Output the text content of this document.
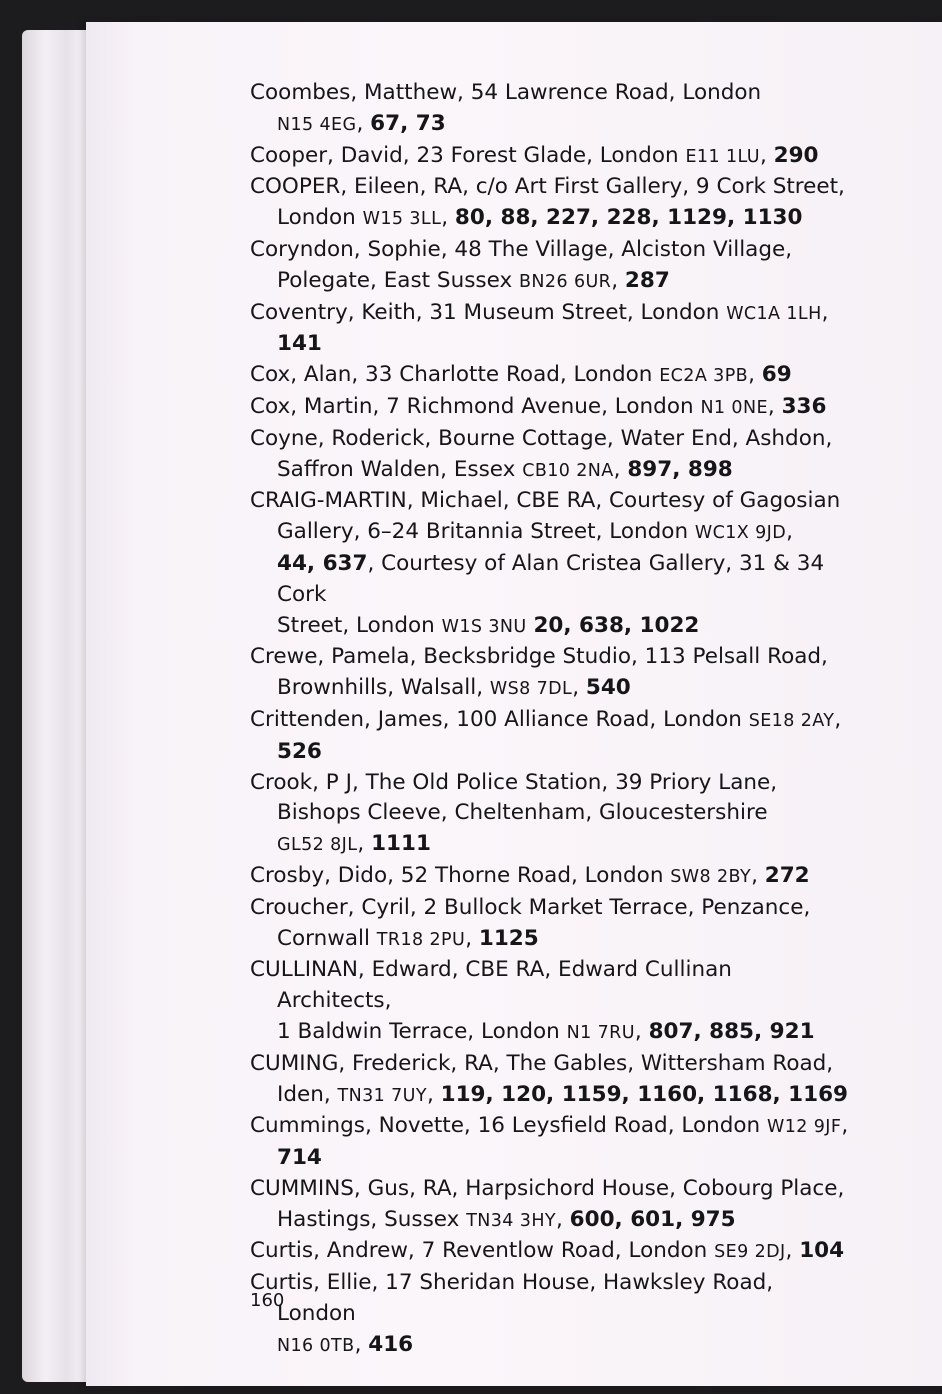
Coombes, Matthew, 54 Lawrence Road, London
N15 4EG, 67, 73
Cooper, David, 23 Forest Glade, London E11 1LU, 290
COOPER, Eileen, RA, c/o Art First Gallery, 9 Cork Street,
London W15 3LL, 80, 88, 227, 228, 1129, 1130
Coryndon, Sophie, 48 The Village, Alciston Village,
Polegate, East Sussex BN26 6UR, 287
Coventry, Keith, 31 Museum Street, London WC1A 1LH,
141
Cox, Alan, 33 Charlotte Road, London EC2A 3PB, 69
Cox, Martin, 7 Richmond Avenue, London N1 0NE, 336
Coyne, Roderick, Bourne Cottage, Water End, Ashdon,
Saffron Walden, Essex CB10 2NA, 897, 898
CRAIG-MARTIN, Michael, CBE RA, Courtesy of Gagosian
Gallery, 6–24 Britannia Street, London WC1X 9JD,
44, 637, Courtesy of Alan Cristea Gallery, 31 & 34 Cork
Street, London W1S 3NU 20, 638, 1022
Crewe, Pamela, Becksbridge Studio, 113 Pelsall Road,
Brownhills, Walsall, WS8 7DL, 540
Crittenden, James, 100 Alliance Road, London SE18 2AY,
526
Crook, P J, The Old Police Station, 39 Priory Lane,
Bishops Cleeve, Cheltenham, Gloucestershire
GL52 8JL, 1111
Crosby, Dido, 52 Thorne Road, London SW8 2BY, 272
Croucher, Cyril, 2 Bullock Market Terrace, Penzance,
Cornwall TR18 2PU, 1125
CULLINAN, Edward, CBE RA, Edward Cullinan Architects,
1 Baldwin Terrace, London N1 7RU, 807, 885, 921
CUMING, Frederick, RA, The Gables, Wittersham Road,
Iden, TN31 7UY, 119, 120, 1159, 1160, 1168, 1169
Cummings, Novette, 16 Leysfield Road, London W12 9JF,
714
CUMMINS, Gus, RA, Harpsichord House, Cobourg Place,
Hastings, Sussex TN34 3HY, 600, 601, 975
Curtis, Andrew, 7 Reventlow Road, London SE9 2DJ, 104
Curtis, Ellie, 17 Sheridan House, Hawksley Road, London
N16 0TB, 416
160
